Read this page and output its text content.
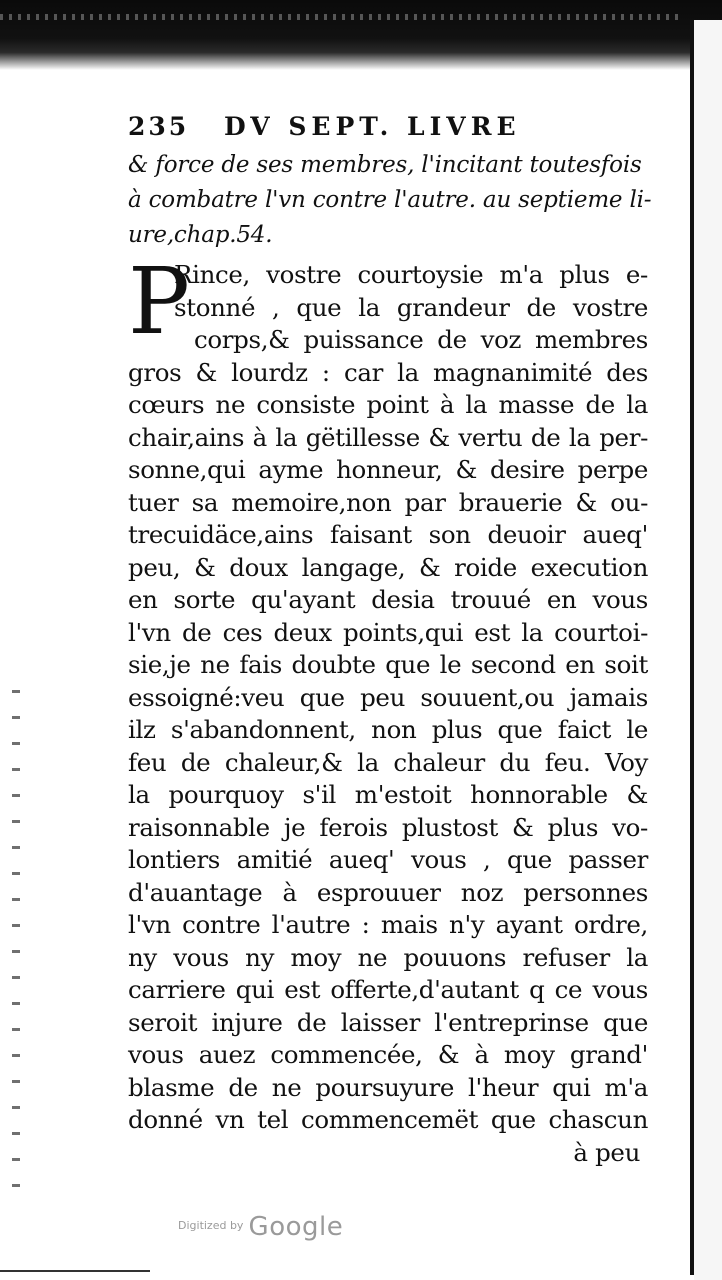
235 DV SEPT. LIVRE
& force de ses membres, l'incitant toutesfois
à combatre l'vn contre l'autre. au septieme li-
ure,chap.54.
P
Rince, vostre courtoysie m'a plus e-
stonné , que la grandeur de vostre
corps,& puissance de voz membres
gros & lourdz : car la magnanimité des
cœurs ne consiste point à la masse de la
chair,ains à la gëtillesse & vertu de la per-
sonne,qui ayme honneur, & desire perpe
tuer sa memoire,non par brauerie & ou-
trecuidäce,ains faisant son deuoir aueq'
peu, & doux langage, & roide execution
en sorte qu'ayant desia trouué en vous
l'vn de ces deux points,qui est la courtoi-
sie,je ne fais doubte que le second en soit
essoigné:veu que peu souuent,ou jamais
ilz s'abandonnent, non plus que faict le
feu de chaleur,& la chaleur du feu. Voy
la pourquoy s'il m'estoit honnorable &
raisonnable je ferois plustost & plus vo-
lontiers amitié aueq' vous , que passer
d'auantage à esprouuer noz personnes
l'vn contre l'autre : mais n'y ayant ordre,
ny vous ny moy ne pouuons refuser la
carriere qui est offerte,d'autant q ce vous
seroit injure de laisser l'entreprinse que
vous auez commencée, & à moy grand'
blasme de ne poursuyure l'heur qui m'a
donné vn tel commencemët que chascun
à peu
$^{Digitized by}$ Google
